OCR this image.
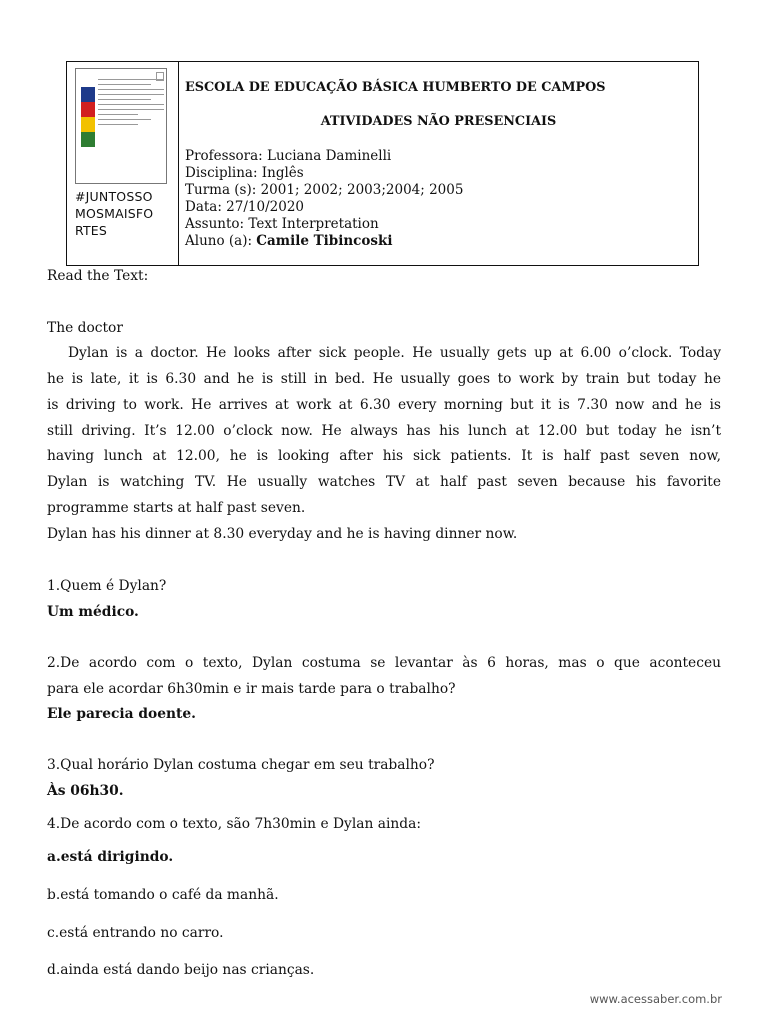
#JUNTOSSO
MOSMAISFO
RTES
ESCOLA DE EDUCAÇÃO BÁSICA HUMBERTO DE CAMPOS
ATIVIDADES NÃO PRESENCIAIS
Professora: Luciana Daminelli
Disciplina: Inglês
Turma (s): 2001; 2002; 2003;2004; 2005
Data: 27/10/2020
Assunto: Text Interpretation
Aluno (a): Camile Tibincoski
Read the Text:
The doctor
Dylan is a doctor. He looks after sick people. He usually gets up at 6.00 o’clock. Today
he is late, it is 6.30 and he is still in bed. He usually goes to work by train but today he
is driving to work. He arrives at work at 6.30 every morning but it is 7.30 now and he is
still driving. It’s 12.00 o’clock now. He always has his lunch at 12.00 but today he isn’t
having lunch at 12.00, he is looking after his sick patients. It is half past seven now,
Dylan is watching TV. He usually watches TV at half past seven because his favorite
programme starts at half past seven.
Dylan has his dinner at 8.30 everyday and he is having dinner now.
1.Quem é Dylan?
Um médico.
2.De acordo com o texto, Dylan costuma se levantar às 6 horas, mas o que aconteceu
para ele acordar 6h30min e ir mais tarde para o trabalho?
Ele parecia doente.
3.Qual horário Dylan costuma chegar em seu trabalho?
Às 06h30.
4.De acordo com o texto, são 7h30min e Dylan ainda:
a.está dirigindo.
b.está tomando o café da manhã.
c.está entrando no carro.
d.ainda está dando beijo nas crianças.
www.acessaber.com.br
